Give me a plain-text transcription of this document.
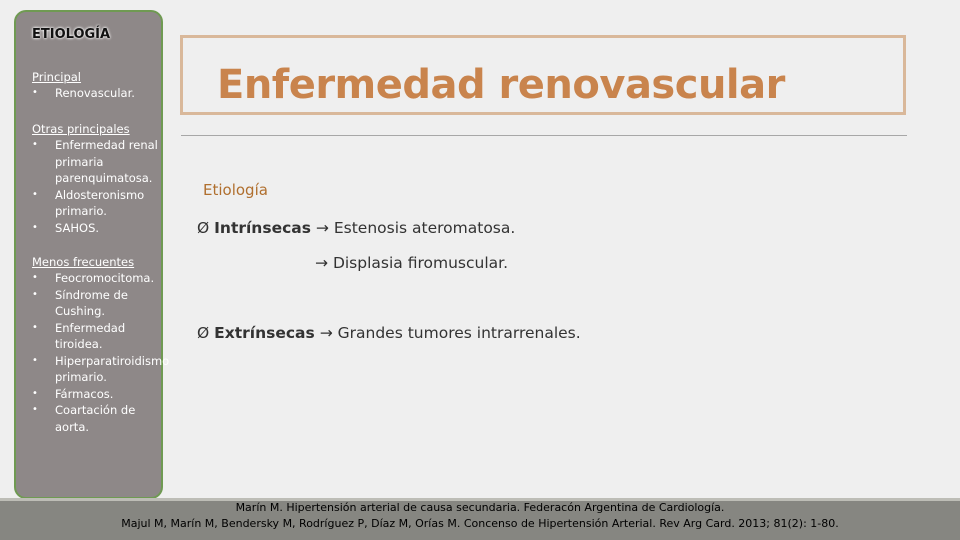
ETIOLOGÍA
Principal
• Renovascular.
Otras principales
• Enfermedad renal primaria parenquimatosa.
• Aldosteronismo primario.
• SAHOS.
Menos frecuentes
• Feocromocitoma.
• Síndrome de Cushing.
• Enfermedad tiroidea.
• Hiperparatiroidismo primario.
• Fármacos.
• Coartación de aorta.
Enfermedad renovascular
Etiología
Ø Intrínsecas → Estenosis ateromatosa.
→ Displasia firomuscular.
Ø Extrínsecas → Grandes tumores intrarrenales.
Marín M. Hipertensión arterial de causa secundaria. Federacón Argentina de Cardiología.
Majul M, Marín M, Bendersky M, Rodríguez P, Díaz M, Orías M. Concenso de Hipertensión Arterial. Rev Arg Card. 2013; 81(2): 1-80.
